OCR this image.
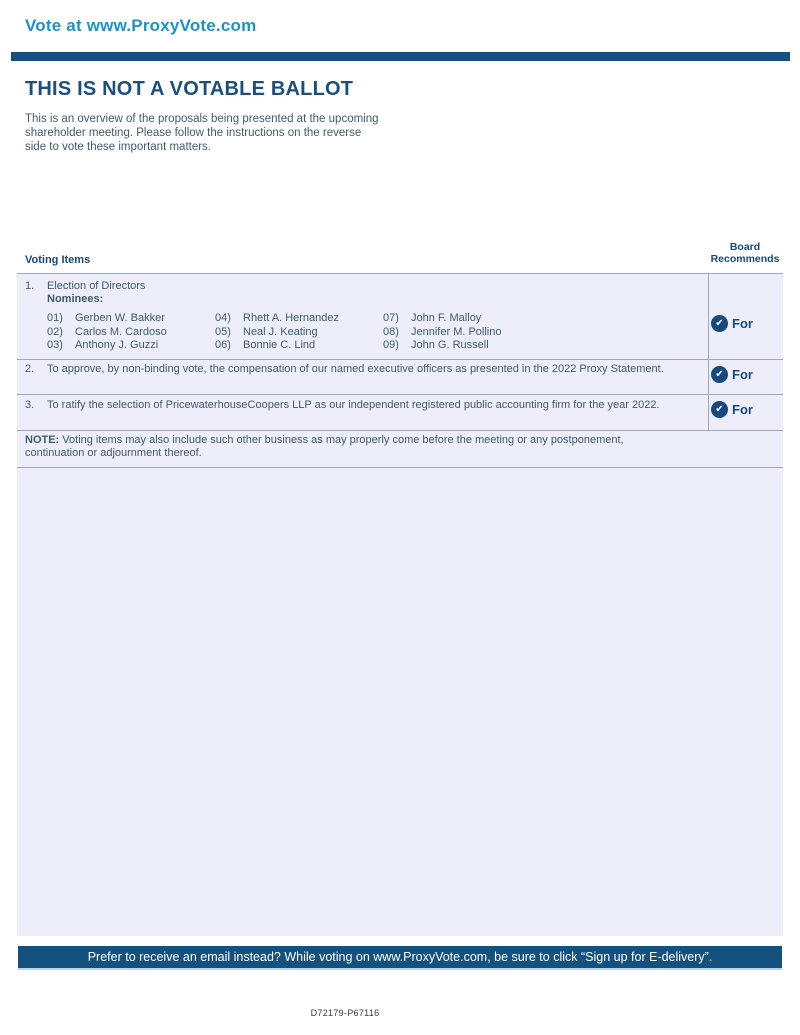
Vote at www.ProxyVote.com
THIS IS NOT A VOTABLE BALLOT

This is an overview of the proposals being presented at the upcoming shareholder meeting. Please follow the instructions on the reverse side to vote these important matters.

Voting Items
Board
Recommends
1. Election of Directors
Nominees:
01) Gerben W. Bakker
02) Carlos M. Cardoso
03) Anthony J. Guzzi
04) Rhett A. Hernandez
05) Neal J. Keating
06) Bonnie C. Lind
07) John F. Malloy
08) Jennifer M. Pollino
09) John G. Russell
✔ For
2. To approve, by non-binding vote, the compensation of our named executive officers as presented in the 2022 Proxy Statement.	✔ For
3. To ratify the selection of PricewaterhouseCoopers LLP as our independent registered public accounting firm for the year 2022.	✔ For
NOTE: Voting items may also include such other business as may properly come before the meeting or any postponement, continuation or adjournment thereof.
Prefer to receive an email instead? While voting on www.ProxyVote.com, be sure to click “Sign up for E-delivery”.
D72179-P67116
